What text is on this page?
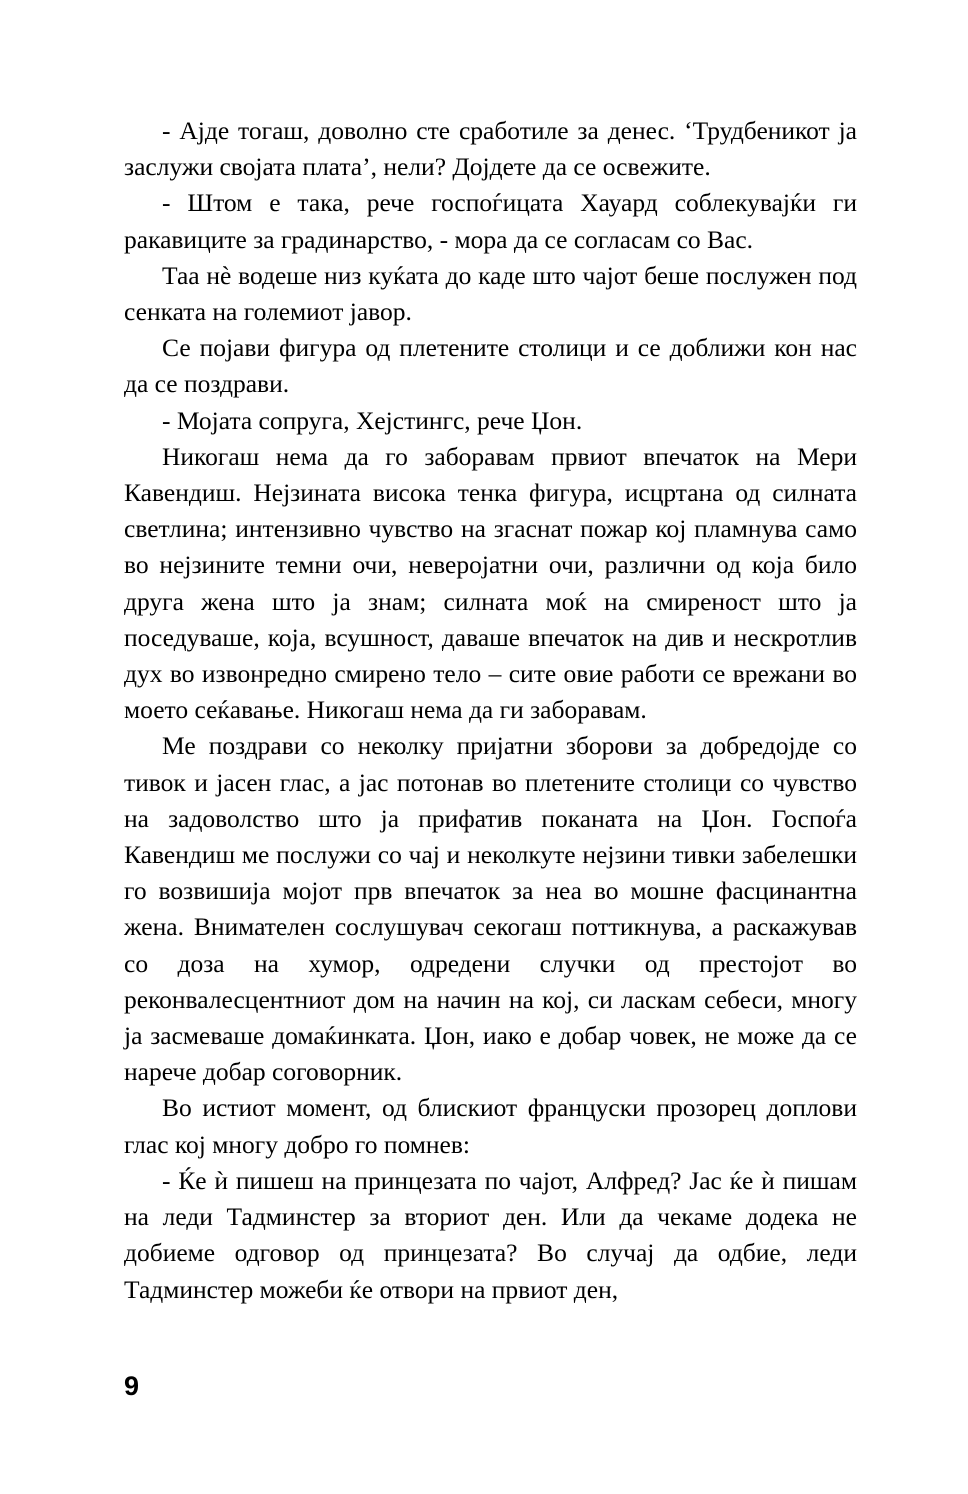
- Ајде тогаш, доволно сте сработиле за денес. ‘Трудбеникот ја заслужи својата плата’, нели? Дојдете да се освежите.

- Штом е така, рече госпоѓицата Хауард соблекувајќи ги ракавиците за градинарство, - мора да се согласам со Вас.

Таа нè водеше низ куќата до каде што чајот беше послужен под сенката на големиот јавор.

Се појави фигура од плетените столици и се доближи кон нас да се поздрави.

- Мојата сопруга, Хејстингс, рече Џон.

Никогаш нема да го заборавам првиот впечаток на Мери Кавендиш. Нејзината висока тенка фигура, исцртана од силната светлина; интензивно чувство на згаснат пожар кој пламнува само во нејзините темни очи, неверојатни очи, различни од која било друга жена што ја знам; силната моќ на смиреност што ја поседуваше, која, всушност, даваше впечаток на див и нескротлив дух во извонредно смирено тело – сите овие работи се врежани во моето сеќавање. Никогаш нема да ги заборавам.

Ме поздрави со неколку пријатни зборови за добредојде со тивок и јасен глас, а јас потонав во плетените столици со чувство на задоволство што ја прифатив поканата на Џон. Госпоѓа Кавендиш ме послужи со чај и неколкуте нејзини тивки забелешки го возвишија мојот прв впечаток за неа во мошне фасцинантна жена. Внимателен сослушувач секогаш поттикнува, а раскажував со доза на хумор, одредени случки од престојот во реконвалесцентниот дом на начин на кој, си ласкам себеси, многу ја засмеваше домаќинката. Џон, иако е добар човек, не може да се нарече добар соговорник.

Во истиот момент, од блискиот француски прозорец доплови глас кој многу добро го помнев:

- Ќе ѝ пишеш на принцезата по чајот, Алфред? Јас ќе ѝ пишам на леди Тадминстер за вториот ден. Или да чекаме додека не добиеме одговор од принцезата? Во случај да одбие, леди Тадминстер можеби ќе отвори на првиот ден,

9
